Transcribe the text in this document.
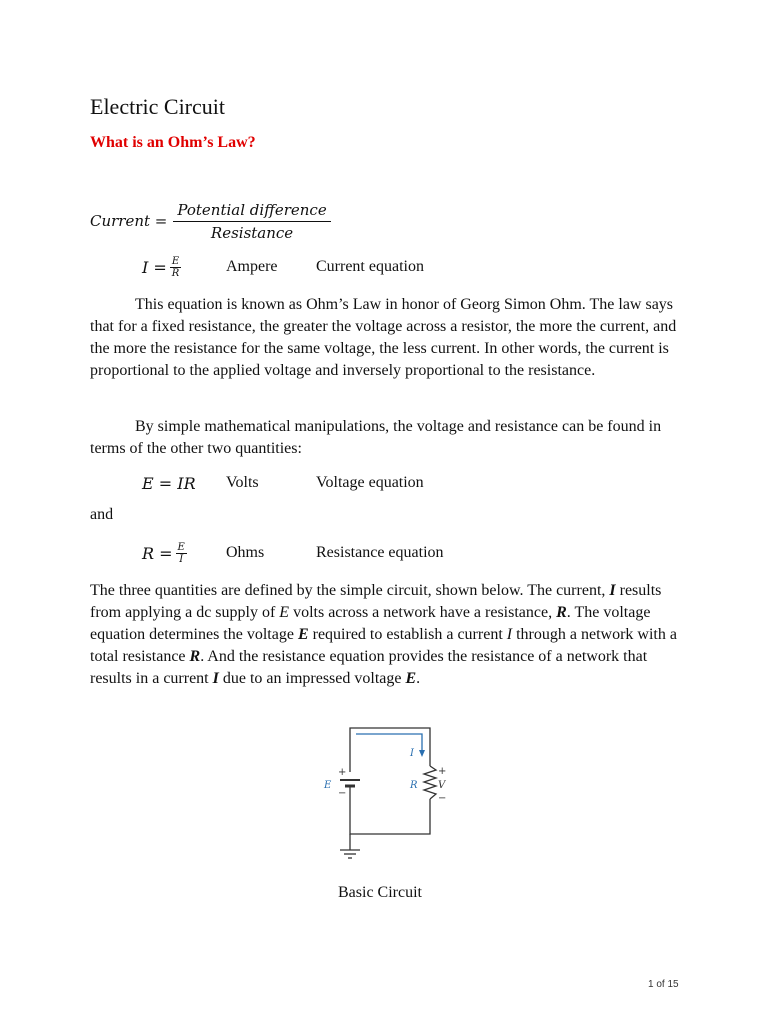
Electric Circuit
What is an Ohm’s Law?
Current = $\frac{\text{Potential difference}}{\text{Resistance}}$
$I = \frac{E}{R}$	Ampere	Current equation

This equation is known as Ohm’s Law in honor of Georg Simon Ohm. The law says that for a fixed resistance, the greater the voltage across a resistor, the more the current, and the more the resistance for the same voltage, the less current. In other words, the current is proportional to the applied voltage and inversely proportional to the resistance.

By simple mathematical manipulations, the voltage and resistance can be found in terms of the other two quantities:

E = IR	Volts	Voltage equation
and
$R = \frac{E}{I}$ Ohms	Resistance equation

The three quantities are defined by the simple circuit, shown below. The current, I results from applying a dc supply of E volts across a network have a resistance, R. The voltage equation determines the voltage E required to establish a current I through a network with a total resistance R. And the resistance equation provides the resistance of a network that results in a current I due to an impressed voltage E.

E
+
−
R
I
+
V
−
Basic Circuit
1 of 15
